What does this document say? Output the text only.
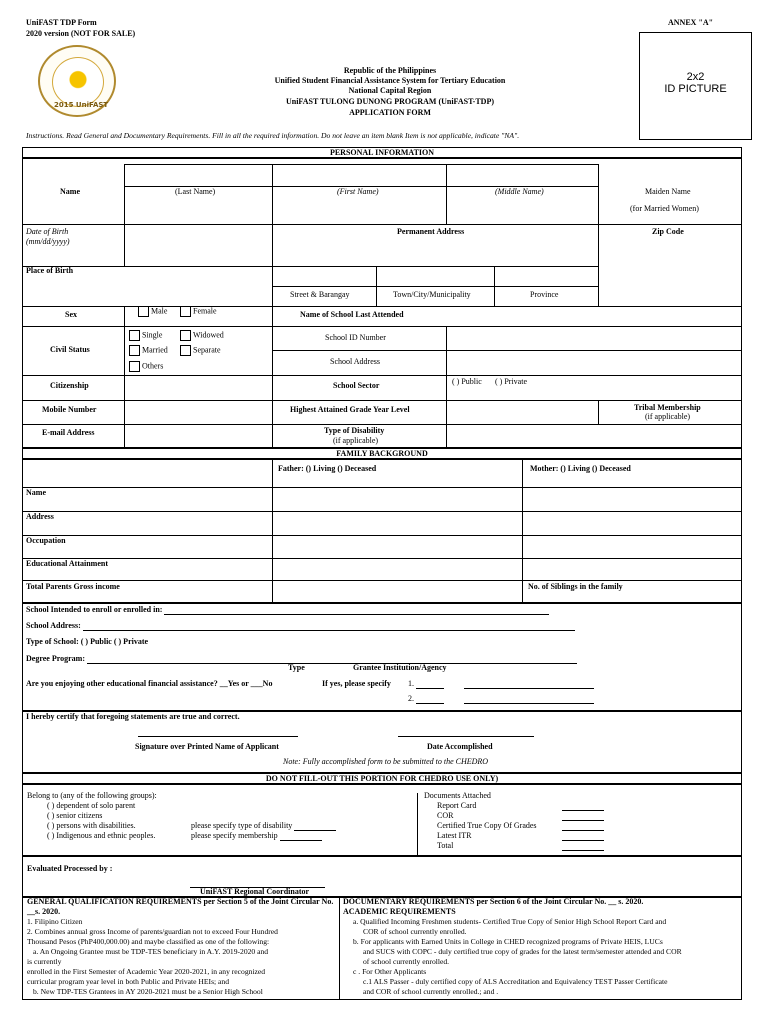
UniFAST TDP Form
2020 version (NOT FOR SALE)
ANNEX "A"
2015 UniFAST
Republic of the Philippines
Unified Student Financial Assistance System for Tertiary Education
National Capital Region
UniFAST TULONG DUNONG PROGRAM (UniFAST-TDP)
APPLICATION FORM
2x2
ID PICTURE
Instructions. Read General and Documentary Requirements. Fill in all the required information. Do not leave an item blank Item is not applicable, indicate "NA".
PERSONAL INFORMATION
Name	(Last Name)	(First Name)	(Middle Name)	Maiden Name
(for Married Women)
Date of Birth
(mm/dd/yyyy)
Permanent Address	Zip Code
Place of Birth
Street & Barangay	Town/City/Municipality	Province
Sex	Male	Female	Name of School Last Attended
Civil Status
Single	Widowed
Married	Separate
Others
School ID Number
School Address
Citizenship	School Sector	( ) Public ( ) Private
Mobile Number	Highest Attained Grade Year Level	Tribal Membership
(if applicable)
E-mail Address	Type of Disability
(if applicable)
FAMILY BACKGROUND
Father: () Living () Deceased	Mother: () Living () Deceased
Name
Address
Occupation
Educational Attainment
Total Parents Gross income	No. of Siblings in the family
School Intended to enroll or enrolled in:
School Address:
Type of School: ( ) Public ( ) Private
Degree Program:
Type	Grantee Institution/Agency
Are you enjoying other educational financial assistance? __Yes or ___No	If yes, please specify 1.
2.
I hereby certify that foregoing statements are true and correct.
Signature over Printed Name of Applicant	Date Accomplished
Note: Fully accomplished form to be submitted to the CHEDRO
DO NOT FILL-OUT THIS PORTION FOR CHEDRO USE ONLY)
Belong to (any of the following groups):
( ) dependent of solo parent
( ) senior citizens
( ) persons with disabilities.
( ) Indigenous and ethnic peoples.
please specify type of disability
please specify membership
Documents Attached
Report Card
COR
Certified True Copy Of Grades
Latest ITR
Total
Evaluated Processed by :
UniFAST Regional Coordinator
GENERAL QUALIFICATION REQUIREMENTS per Section 5 of the Joint Circular No. __s. 2020.
1. Filipino Citizen
2. Combines annual gross Income of parents/guardian not to exceed Four Hundred
Thousand Pesos (PhP400,000.00) and maybe classified as one of the following:
a. An Ongoing Grantee must be TDP-TES beneficiary in A.Y. 2019-2020 and
is currently
enrolled in the First Semester of Academic Year 2020-2021, in any recognized
curricular program year level in both Public and Private HEIs; and
b. New TDP-TES Grantees in AY 2020-2021 must be a Senior High School
DOCUMENTARY REQUIREMENTS per Section 6 of the Joint Circular No. __ s. 2020.
ACADEMIC REQUIREMENTS
a. Qualified Incoming Freshmen students- Certified True Copy of Senior High School Report Card and
COR of school currently enrolled.
b. For applicants with Earned Units in College in CHED recognized programs of Private HEIS, LUCs
and SUCS with COPC - duly certified true copy of grades for the latest term/semester attended and COR
of school currently enrolled.
c . For Other Applicants
c.1 ALS Passer - duly certified copy of ALS Accreditation and Equivalency TEST Passer Certificate
and COR of school currently enrolled.; and .
